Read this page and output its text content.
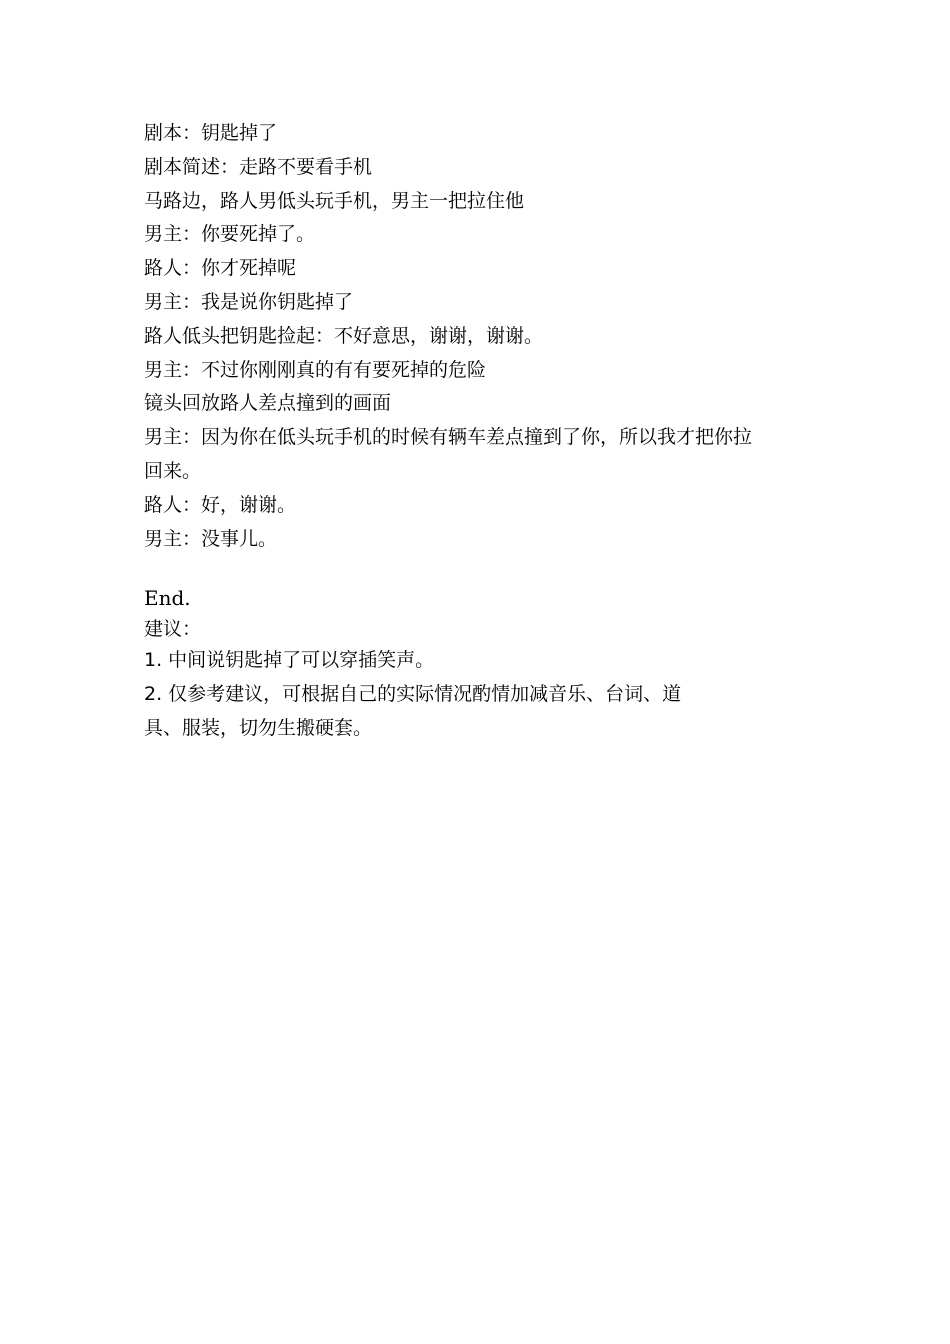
剧本：钥匙掉了
剧本简述：走路不要看手机
马路边，路人男低头玩手机，男主一把拉住他
男主：你要死掉了。
路人：你才死掉呢
男主：我是说你钥匙掉了
路人低头把钥匙捡起：不好意思，谢谢，谢谢。
男主：不过你刚刚真的有有要死掉的危险
镜头回放路人差点撞到的画面
男主：因为你在低头玩手机的时候有辆车差点撞到了你，所以我才把你拉
回来。
路人：好，谢谢。
男主：没事儿。
End.
建议：
1. 中间说钥匙掉了可以穿插笑声。
2. 仅参考建议，可根据自己的实际情况酌情加减音乐、台词、道
具、服装，切勿生搬硬套。
